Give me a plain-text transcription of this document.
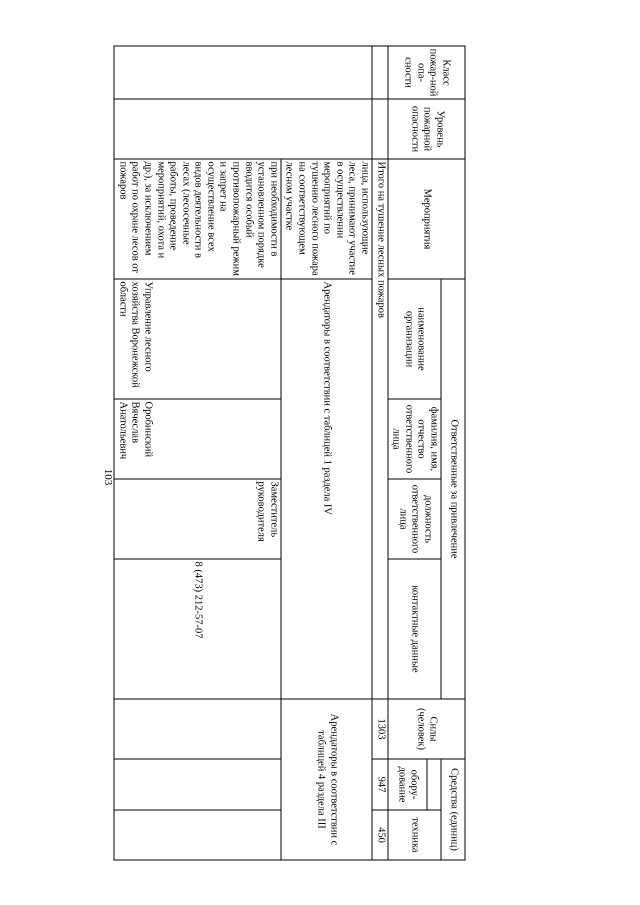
103
Класс пожар-ной опа-сности	Уровень пожарной опасности	Мероприятия	Ответственные за привлечение				Силы (человек)	Средства (единиц)	
			наименование организации	фамилия, имя, отчество ответственного лица	должность ответственного лица	контактные данные			техника
								обору-дование	
		Итого на тушение лесных пожаров					1303	947	450
		лица, использующие леса, принимают участие в осуществлении мероприятий по тушению лесного пожара на соответствующем лесном участке	Арендаторы в соответствии с таблицей 1 раздела IV				Арендаторы в соответствии с таблицей 4 раздела III		
		при необходимости в установленном порядке вводится особый противопожарный режим и запрет на осуществление всех видов деятельности в лесах (лесосечные работы, проведение мероприятий, охота и др.), за исключением работ по охране лесов от пожаров	Управление лесного хозяйства Воронежской области	Оробинский Вячеслав Анатольевич	Заместитель руководителя	8 (473) 212-57-07			
